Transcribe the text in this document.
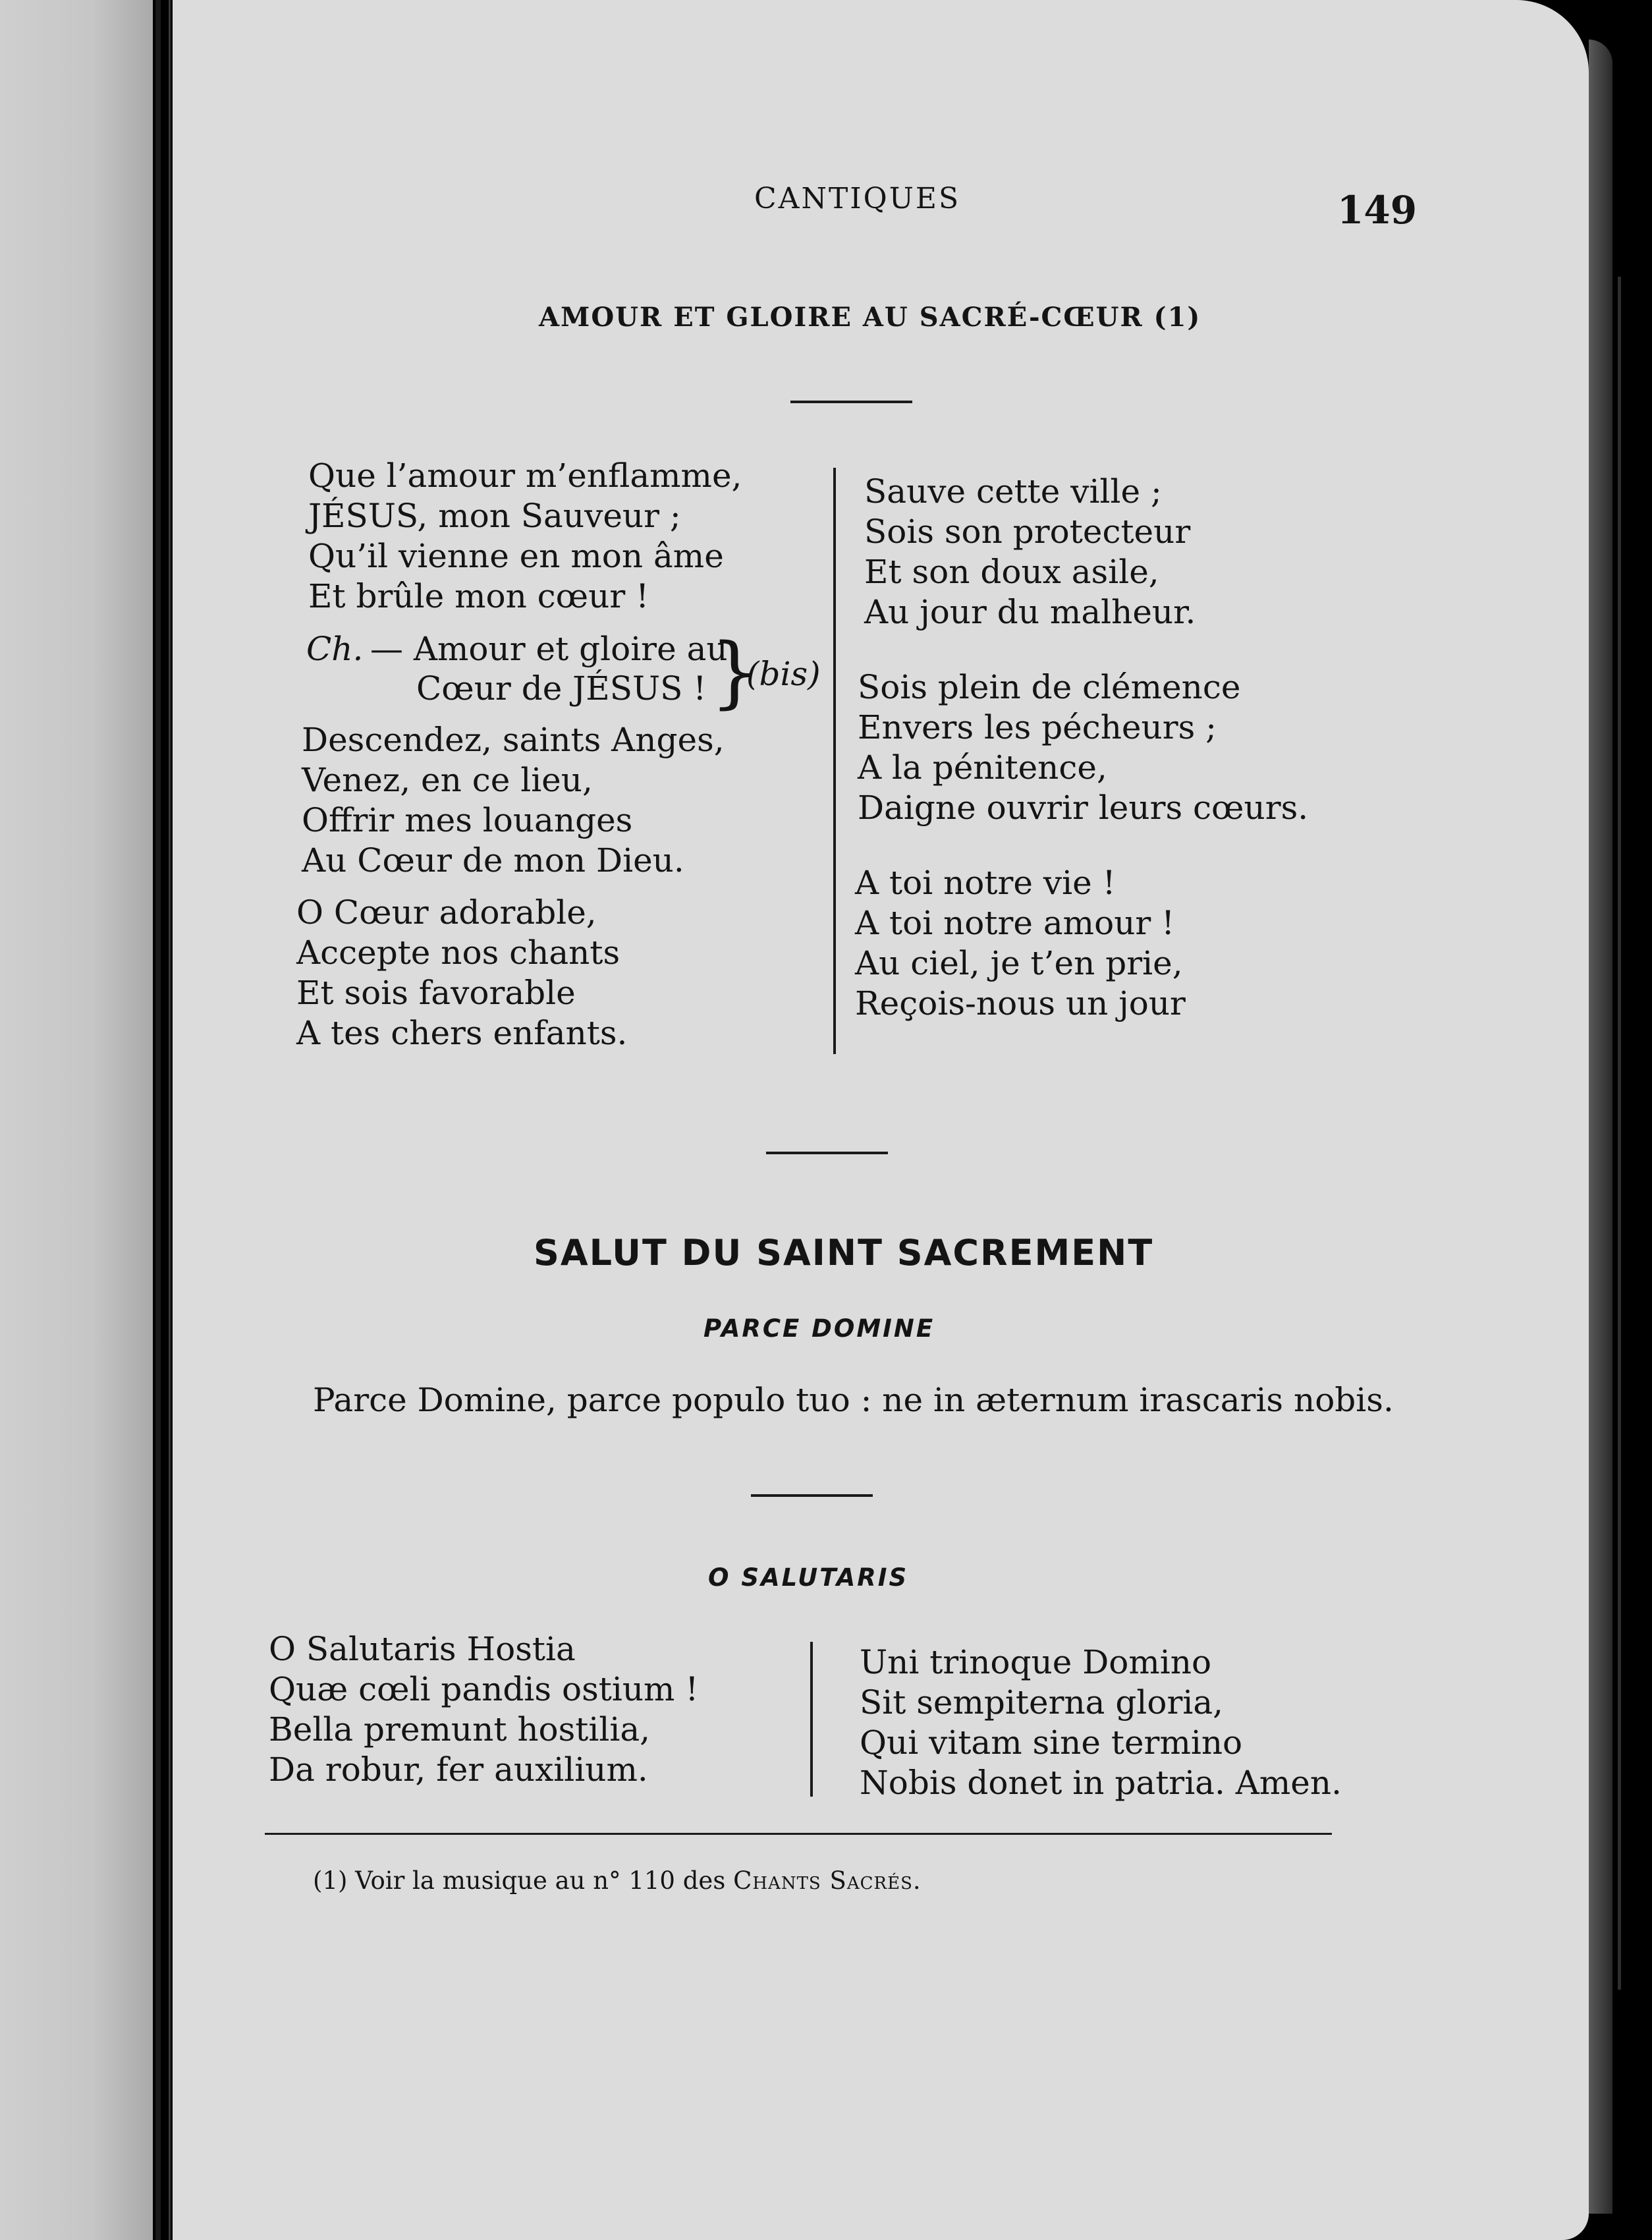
CANTIQUES	149
AMOUR ET GLOIRE AU SACRÉ-CŒUR (1)
Que l’amour m’enflamme,
JÉSUS, mon Sauveur ;
Qu’il vienne en mon âme
Et brûle mon cœur !
Ch. — Amour et gloire au
Cœur de JÉSUS ! }
(bis)
Descendez, saints Anges,
Venez, en ce lieu,
Offrir mes louanges
Au Cœur de mon Dieu.
O Cœur adorable,
Accepte nos chants
Et sois favorable
A tes chers enfants.
Sauve cette ville ;
Sois son protecteur
Et son doux asile,
Au jour du malheur.
Sois plein de clémence
Envers les pécheurs ;
A la pénitence,
Daigne ouvrir leurs cœurs.
A toi notre vie !
A toi notre amour !
Au ciel, je t’en prie,
Reçois-nous un jour
SALUT DU SAINT SACREMENT
PARCE DOMINE
Parce Domine, parce populo tuo : ne in æternum irascaris nobis.
O SALUTARIS
O Salutaris Hostia
Quæ cœli pandis ostium !
Bella premunt hostilia,
Da robur, fer auxilium.
Uni trinoque Domino
Sit sempiterna gloria,
Qui vitam sine termino
Nobis donet in patria. Amen.
(1) Voir la musique au n° 110 des Chants Sacrés.
